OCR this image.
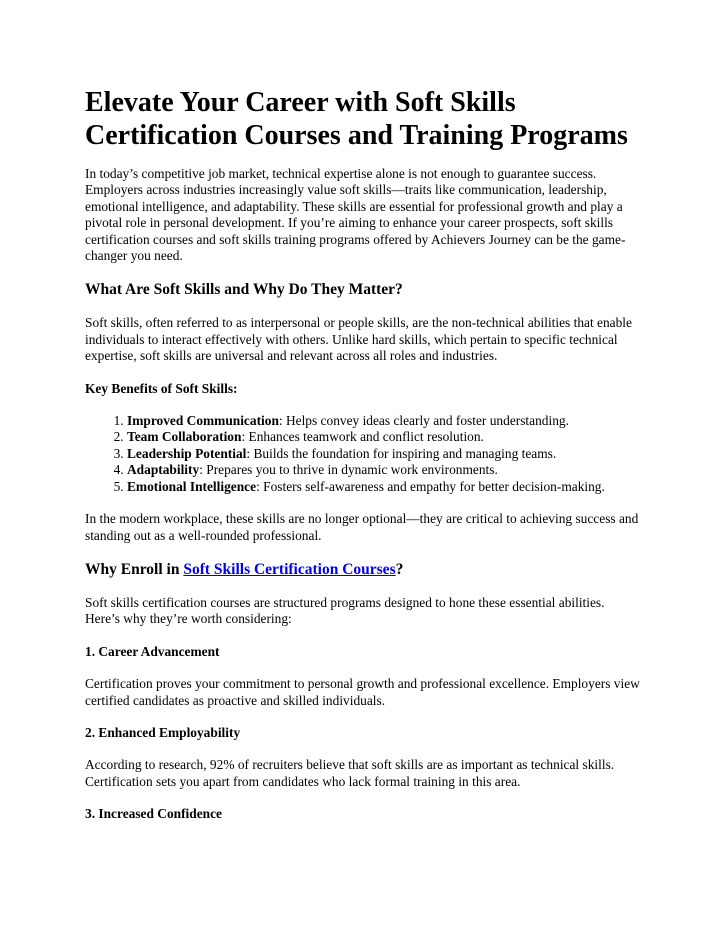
Elevate Your Career with Soft Skills Certification Courses and Training Programs

In today’s competitive job market, technical expertise alone is not enough to guarantee success. Employers across industries increasingly value soft skills—traits like communication, leadership, emotional intelligence, and adaptability. These skills are essential for professional growth and play a pivotal role in personal development. If you’re aiming to enhance your career prospects, soft skills certification courses and soft skills training programs offered by Achievers Journey can be the game-changer you need.

What Are Soft Skills and Why Do They Matter?

Soft skills, often referred to as interpersonal or people skills, are the non-technical abilities that enable individuals to interact effectively with others. Unlike hard skills, which pertain to specific technical expertise, soft skills are universal and relevant across all roles and industries.

Key Benefits of Soft Skills:
1. Improved Communication: Helps convey ideas clearly and foster understanding.
2. Team Collaboration: Enhances teamwork and conflict resolution.
3. Leadership Potential: Builds the foundation for inspiring and managing teams.
4. Adaptability: Prepares you to thrive in dynamic work environments.
5. Emotional Intelligence: Fosters self-awareness and empathy for better decision-making.

In the modern workplace, these skills are no longer optional—they are critical to achieving success and standing out as a well-rounded professional.

Why Enroll in Soft Skills Certification Courses?

Soft skills certification courses are structured programs designed to hone these essential abilities. Here’s why they’re worth considering:

1. Career Advancement

Certification proves your commitment to personal growth and professional excellence. Employers view certified candidates as proactive and skilled individuals.

2. Enhanced Employability

According to research, 92% of recruiters believe that soft skills are as important as technical skills. Certification sets you apart from candidates who lack formal training in this area.

3. Increased Confidence
